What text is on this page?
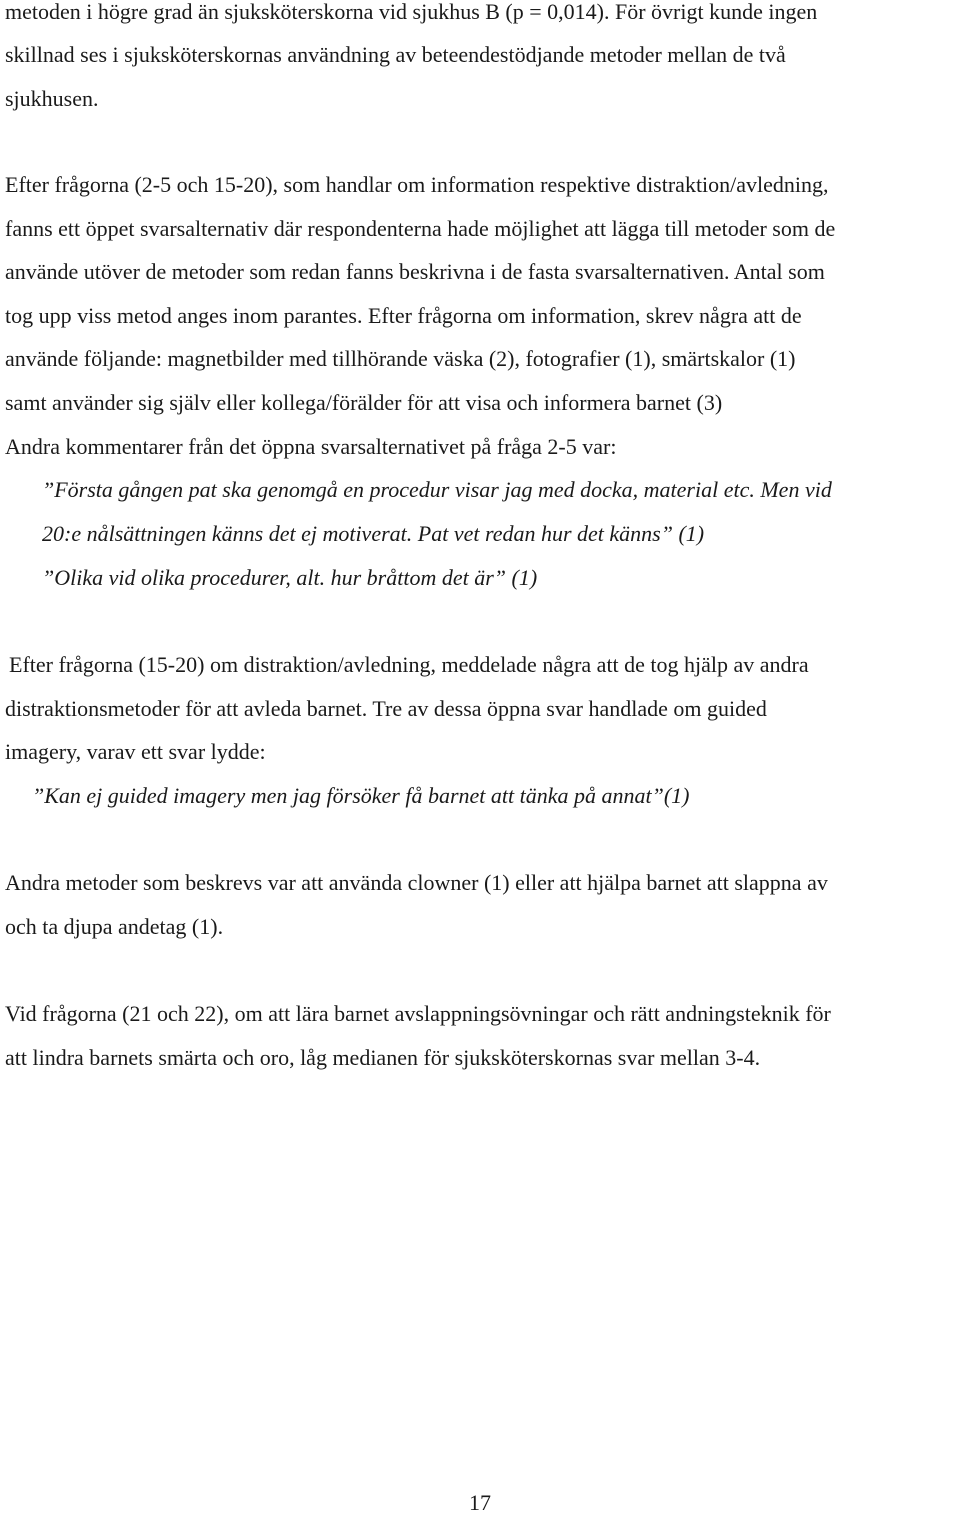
metoden i högre grad än sjuksköterskorna vid sjukhus B (p = 0,014). För övrigt kunde ingen
skillnad ses i sjuksköterskornas användning av beteendestödjande metoder mellan de två
sjukhusen.
Efter frågorna (2-5 och 15-20), som handlar om information respektive distraktion/avledning,
fanns ett öppet svarsalternativ där respondenterna hade möjlighet att lägga till metoder som de
använde utöver de metoder som redan fanns beskrivna i de fasta svarsalternativen. Antal som
tog upp viss metod anges inom parantes. Efter frågorna om information, skrev några att de
använde följande: magnetbilder med tillhörande väska (2), fotografier (1), smärtskalor (1)
samt använder sig själv eller kollega/förälder för att visa och informera barnet (3)
Andra kommentarer från det öppna svarsalternativet på fråga 2-5 var:
”Första gången pat ska genomgå en procedur visar jag med docka, material etc. Men vid
20:e nålsättningen känns det ej motiverat. Pat vet redan hur det känns” (1)
”Olika vid olika procedurer, alt. hur bråttom det är” (1)
Efter frågorna (15-20) om distraktion/avledning, meddelade några att de tog hjälp av andra
distraktionsmetoder för att avleda barnet. Tre av dessa öppna svar handlade om guided
imagery, varav ett svar lydde:
”Kan ej guided imagery men jag försöker få barnet att tänka på annat”(1)
Andra metoder som beskrevs var att använda clowner (1) eller att hjälpa barnet att slappna av
och ta djupa andetag (1).
Vid frågorna (21 och 22), om att lära barnet avslappningsövningar och rätt andningsteknik för
att lindra barnets smärta och oro, låg medianen för sjuksköterskornas svar mellan 3-4.
17
